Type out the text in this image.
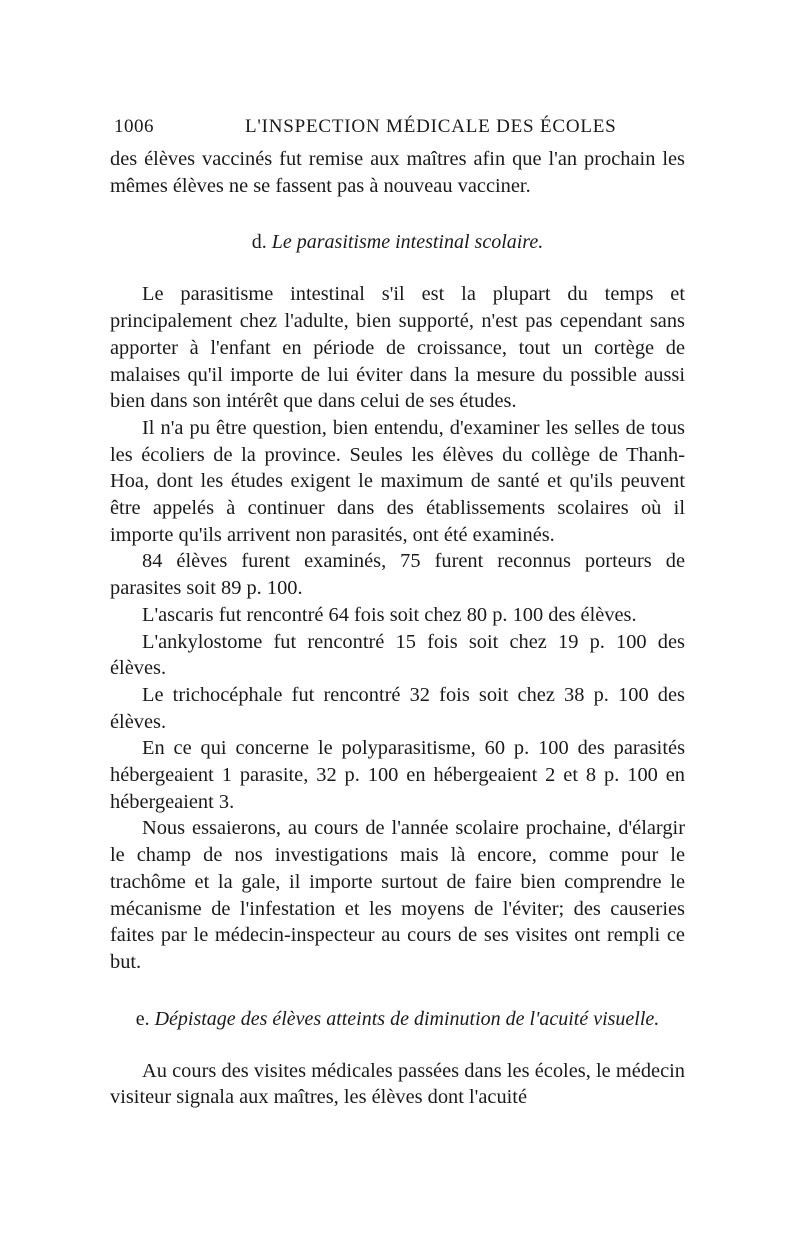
1006	L'INSPECTION MÉDICALE DES ÉCOLES

des élèves vaccinés fut remise aux maîtres afin que l'an prochain les mêmes élèves ne se fassent pas à nouveau vacciner.

d. Le parasitisme intestinal scolaire.

Le parasitisme intestinal s'il est la plupart du temps et principalement chez l'adulte, bien supporté, n'est pas cependant sans apporter à l'enfant en période de croissance, tout un cortège de malaises qu'il importe de lui éviter dans la mesure du possible aussi bien dans son intérêt que dans celui de ses études.

Il n'a pu être question, bien entendu, d'examiner les selles de tous les écoliers de la province. Seules les élèves du collège de Thanh-Hoa, dont les études exigent le maximum de santé et qu'ils peuvent être appelés à continuer dans des établissements scolaires où il importe qu'ils arrivent non parasités, ont été examinés.

84 élèves furent examinés, 75 furent reconnus porteurs de parasites soit 89 p. 100.

L'ascaris fut rencontré 64 fois soit chez 80 p. 100 des élèves.

L'ankylostome fut rencontré 15 fois soit chez 19 p. 100 des élèves.

Le trichocéphale fut rencontré 32 fois soit chez 38 p. 100 des élèves.

En ce qui concerne le polyparasitisme, 60 p. 100 des parasités hébergeaient 1 parasite, 32 p. 100 en hébergeaient 2 et 8 p. 100 en hébergeaient 3.

Nous essaierons, au cours de l'année scolaire prochaine, d'élargir le champ de nos investigations mais là encore, comme pour le trachôme et la gale, il importe surtout de faire bien comprendre le mécanisme de l'infestation et les moyens de l'éviter; des causeries faites par le médecin-inspecteur au cours de ses visites ont rempli ce but.

e. Dépistage des élèves atteints de diminution de l'acuité visuelle.

Au cours des visites médicales passées dans les écoles, le médecin visiteur signala aux maîtres, les élèves dont l'acuité
